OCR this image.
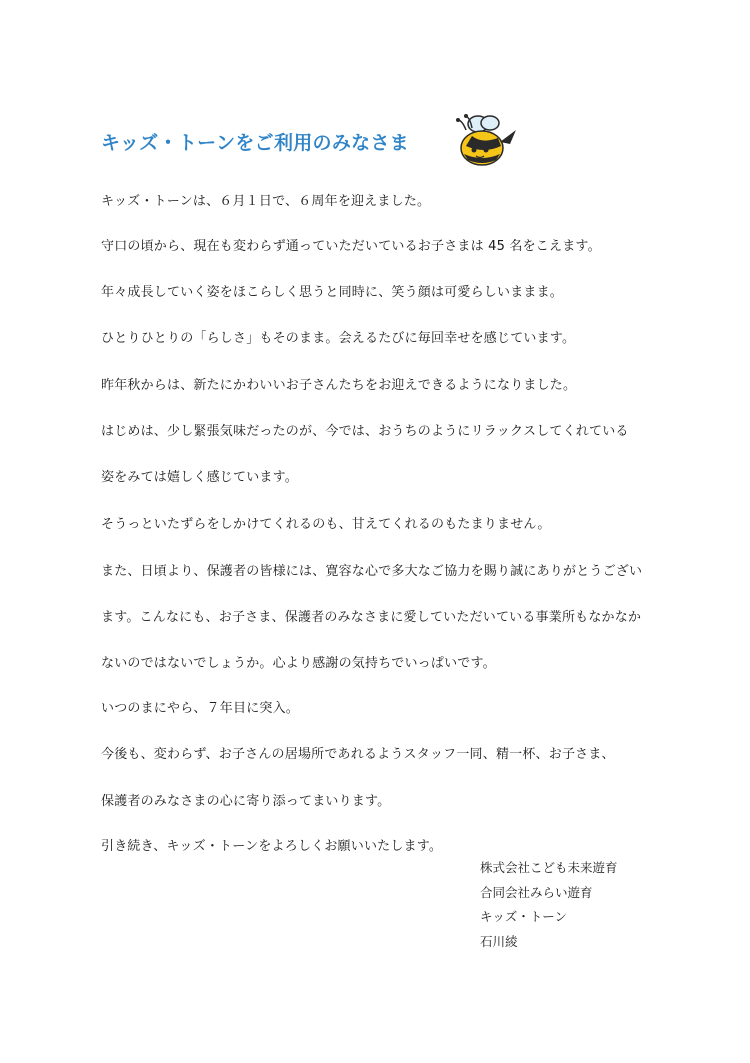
キッズ・トーンをご利用のみなさま
キッズ・トーンは、６月１日で、６周年を迎えました。
守口の頃から、現在も変わらず通っていただいているお子さまは 45 名をこえます。
年々成長していく姿をほこらしく思うと同時に、笑う顔は可愛らしいままま。
ひとりひとりの「らしさ」もそのまま。会えるたびに毎回幸せを感じています。
昨年秋からは、新たにかわいいお子さんたちをお迎えできるようになりました。
はじめは、少し緊張気味だったのが、今では、おうちのようにリラックスしてくれている
姿をみては嬉しく感じています。
そうっといたずらをしかけてくれるのも、甘えてくれるのもたまりません。
また、日頃より、保護者の皆様には、寛容な心で多大なご協力を賜り誠にありがとうござい
ます。こんなにも、お子さま、保護者のみなさまに愛していただいている事業所もなかなか
ないのではないでしょうか。心より感謝の気持ちでいっぱいです。
いつのまにやら、７年目に突入。
今後も、変わらず、お子さんの居場所であれるようスタッフ一同、精一杯、お子さま、
保護者のみなさまの心に寄り添ってまいります。
引き続き、キッズ・トーンをよろしくお願いいたします。
株式会社こども未来遊育
合同会社みらい遊育
キッズ・トーン
石川綾
